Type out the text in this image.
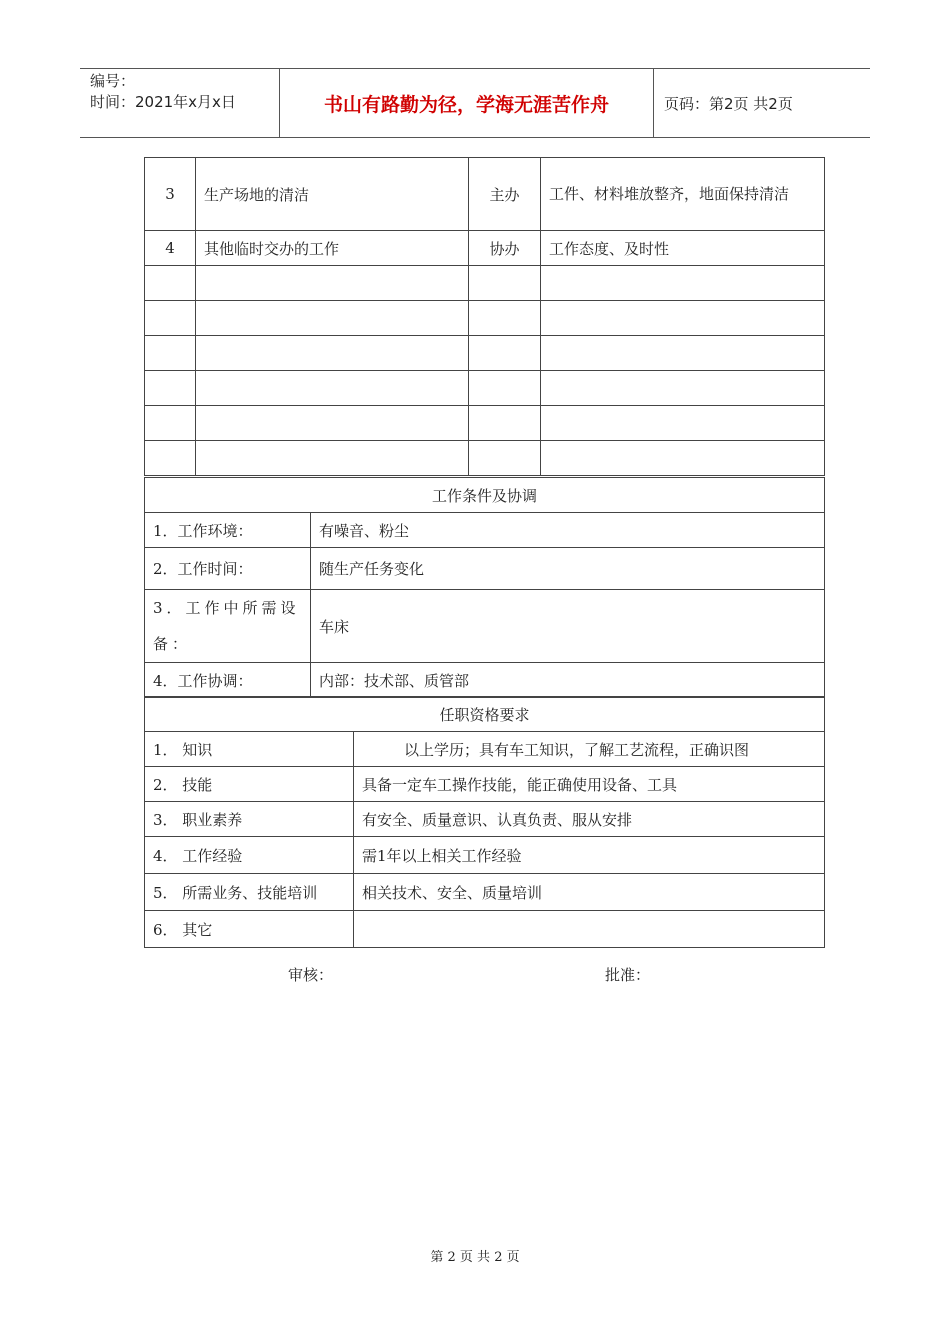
编号：
时间：2021年x月x日	书山有路勤为径，学海无涯苦作舟	页码：第2页 共2页
3	生产场地的清洁	主办	工件、材料堆放整齐，地面保持清洁
4	其他临时交办的工作	协办	工作态度、及时性

工作条件及协调	
1．工作环境：	有噪音、粉尘
2．工作时间：	随生产任务变化
3．工作中所需设备：	车床
4．工作协调：	内部：技术部、质管部
任职资格要求	
1． 知识	以上学历；具有车工知识，了解工艺流程，正确识图
2． 技能	具备一定车工操作技能，能正确使用设备、工具
3． 职业素养	有安全、质量意识、认真负责、服从安排
4． 工作经验	需1年以上相关工作经验
5． 所需业务、技能培训	相关技术、安全、质量培训
6． 其它	
审核：	批准：
第 2 页 共 2 页
